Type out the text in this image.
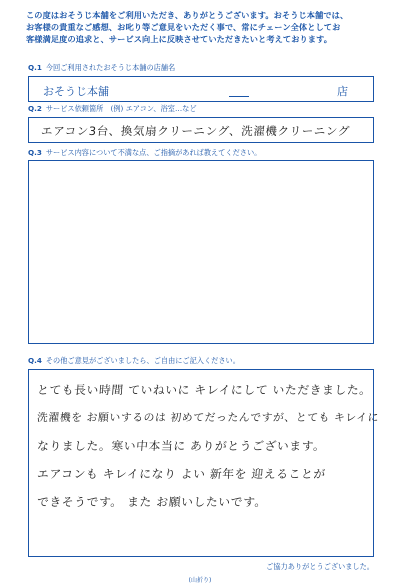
この度はおそうじ本舗をご利用いただき、ありがとうございます。おそうじ本舗では、
お客様の貴重なご感想、お叱り等ご意見をいただく事で、常にチェーン全体としてお
客様満足度の追求と、サービス向上に反映させていただきたいと考えております。
Q.1 今回ご利用されたおそうじ本舗の店舗名
おそうじ本舗	店
Q.2 サービス依頼箇所　(例) エアコン、浴室…など
エアコン3台、換気扇クリーニング、洗濯機クリーニング
Q.3 サービス内容について不満な点、ご指摘があれば教えてください。
Q.4 その他ご意見がございましたら、ご自由にご記入ください。
とても長い時間 ていねいに キレイにして いただきました。
洗濯機を お願いするのは 初めてだったんですが、とても キレイに
なりました。寒い中本当に ありがとうございます。
エアコンも キレイになり よい 新年を 迎えることが
できそうです。 また お願いしたいです。
ご協力ありがとうございました。
(山折り)
